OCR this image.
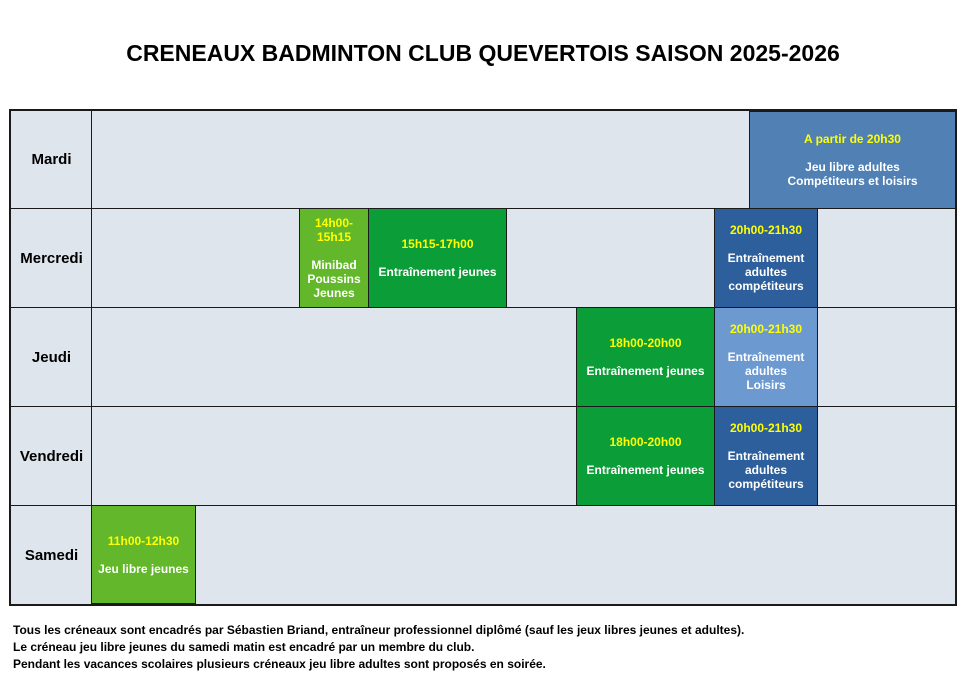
CRENEAUX BADMINTON CLUB QUEVERTOIS SAISON 2025-2026
Mardi
Mercredi
Jeudi
Vendredi
Samedi
A partir de 20h30
Jeu libre adultes
Compétiteurs et loisirs
14h00-
15h15
Minibad
Poussins
Jeunes
15h15-17h00
Entraînement jeunes
20h00-21h30
Entraînement
adultes
compétiteurs
18h00-20h00
Entraînement jeunes
20h00-21h30
Entraînement
adultes
Loisirs
18h00-20h00
Entraînement jeunes
20h00-21h30
Entraînement
adultes
compétiteurs
11h00-12h30
Jeu libre jeunes
Tous les créneaux sont encadrés par Sébastien Briand, entraîneur professionnel diplômé (sauf les jeux libres jeunes et adultes).
Le créneau jeu libre jeunes du samedi matin est encadré par un membre du club.
Pendant les vacances scolaires plusieurs créneaux jeu libre adultes sont proposés en soirée.
